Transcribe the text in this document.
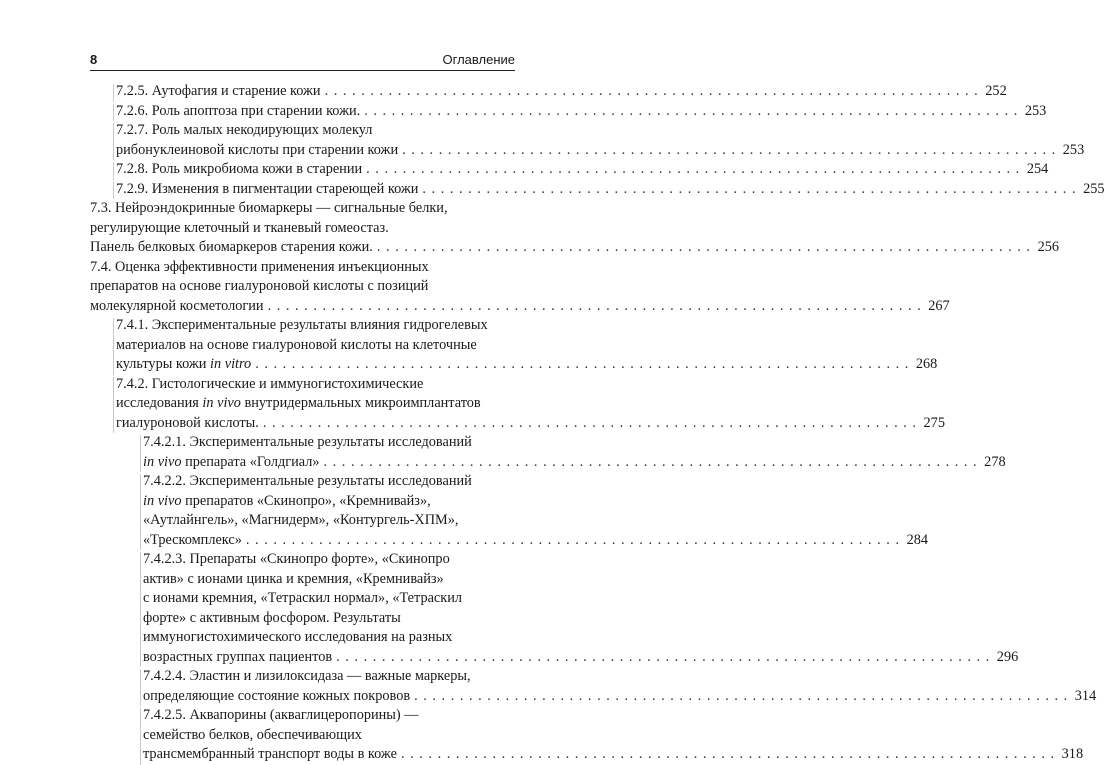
8	Оглавление
7.2.5. Аутофагия и старение кожи . . .	252
7.2.6. Роль апоптоза при старении кожи. . . .	253
7.2.7. Роль малых некодирующих молекул
рибонуклеиновой кислоты при старении кожи . . .	253
7.2.8. Роль микробиома кожи в старении . . .	254
7.2.9. Изменения в пигментации стареющей кожи . . .	255
7.3. Нейроэндокринные биомаркеры — сигнальные белки,
регулирующие клеточный и тканевый гомеостаз.
Панель белковых биомаркеров старения кожи. . . .	256
7.4. Оценка эффективности применения инъекционных
препаратов на основе гиалуроновой кислоты с позиций
молекулярной косметологии . . .	267
7.4.1. Экспериментальные результаты влияния гидрогелевых
материалов на основе гиалуроновой кислоты на клеточные
культуры кожи in vitro . . .	268
7.4.2. Гистологические и иммуногистохимические
исследования in vivo внутридермальных микроимплантатов
гиалуроновой кислоты. . . .	275
7.4.2.1. Экспериментальные результаты исследований
in vivo препарата «Голдгиал» . . .	278
7.4.2.2. Экспериментальные результаты исследований
in vivo препаратов «Скинопро», «Кремнивайз»,
«Аутлайнгель», «Магнидерм», «Контургель-ХПМ»,
«Трескомплекс» . . .	284
7.4.2.3. Препараты «Скинопро форте», «Скинопро
актив» с ионами цинка и кремния, «Кремнивайз»
с ионами кремния, «Тетраскил нормал», «Тетраскил
форте» с активным фосфором. Результаты
иммуногистохимического исследования на разных
возрастных группах пациентов . . .	296
7.4.2.4. Эластин и лизилоксидаза — важные маркеры,
определяющие состояние кожных покровов . . .	314
7.4.2.5. Аквапорины (акваглицеропорины) —
семейство белков, обеспечивающих
трансмембранный транспорт воды в коже . . .	318
